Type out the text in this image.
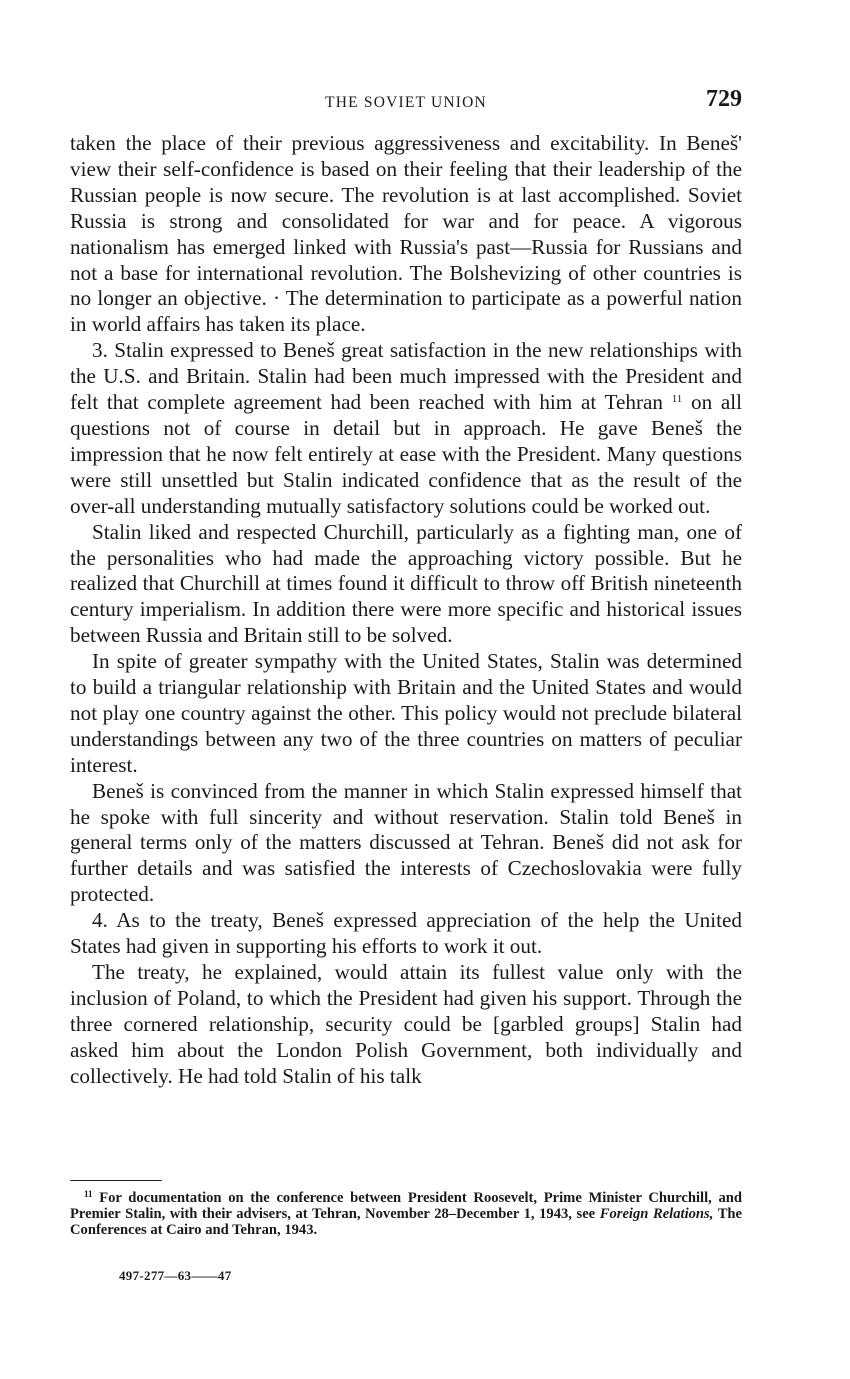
THE SOVIET UNION	729

taken the place of their previous aggressiveness and excitability. In Beneš' view their self-confidence is based on their feeling that their leadership of the Russian people is now secure. The revolution is at last accomplished. Soviet Russia is strong and consolidated for war and for peace. A vigorous nationalism has emerged linked with Russia's past—Russia for Russians and not a base for international revolution. The Bolshevizing of other countries is no longer an objective. · The determination to participate as a powerful nation in world affairs has taken its place.

3. Stalin expressed to Beneš great satisfaction in the new relationships with the U.S. and Britain. Stalin had been much impressed with the President and felt that complete agreement had been reached with him at Tehran $^{11}$ on all questions not of course in detail but in approach. He gave Beneš the impression that he now felt entirely at ease with the President. Many questions were still unsettled but Stalin indicated confidence that as the result of the over-all understanding mutually satisfactory solutions could be worked out.

Stalin liked and respected Churchill, particularly as a fighting man, one of the personalities who had made the approaching victory possible. But he realized that Churchill at times found it difficult to throw off British nineteenth century imperialism. In addition there were more specific and historical issues between Russia and Britain still to be solved.

In spite of greater sympathy with the United States, Stalin was determined to build a triangular relationship with Britain and the United States and would not play one country against the other. This policy would not preclude bilateral understandings between any two of the three countries on matters of peculiar interest.

Beneš is convinced from the manner in which Stalin expressed himself that he spoke with full sincerity and without reservation. Stalin told Beneš in general terms only of the matters discussed at Tehran. Beneš did not ask for further details and was satisfied the interests of Czechoslovakia were fully protected.

4. As to the treaty, Beneš expressed appreciation of the help the United States had given in supporting his efforts to work it out.

The treaty, he explained, would attain its fullest value only with the inclusion of Poland, to which the President had given his support. Through the three cornered relationship, security could be [garbled groups] Stalin had asked him about the London Polish Government, both individually and collectively. He had told Stalin of his talk

$^{11}$ For documentation on the conference between President Roosevelt, Prime Minister Churchill, and Premier Stalin, with their advisers, at Tehran, November 28–December 1, 1943, see Foreign Relations, The Conferences at Cairo and Tehran, 1943.

497-277—63——47
